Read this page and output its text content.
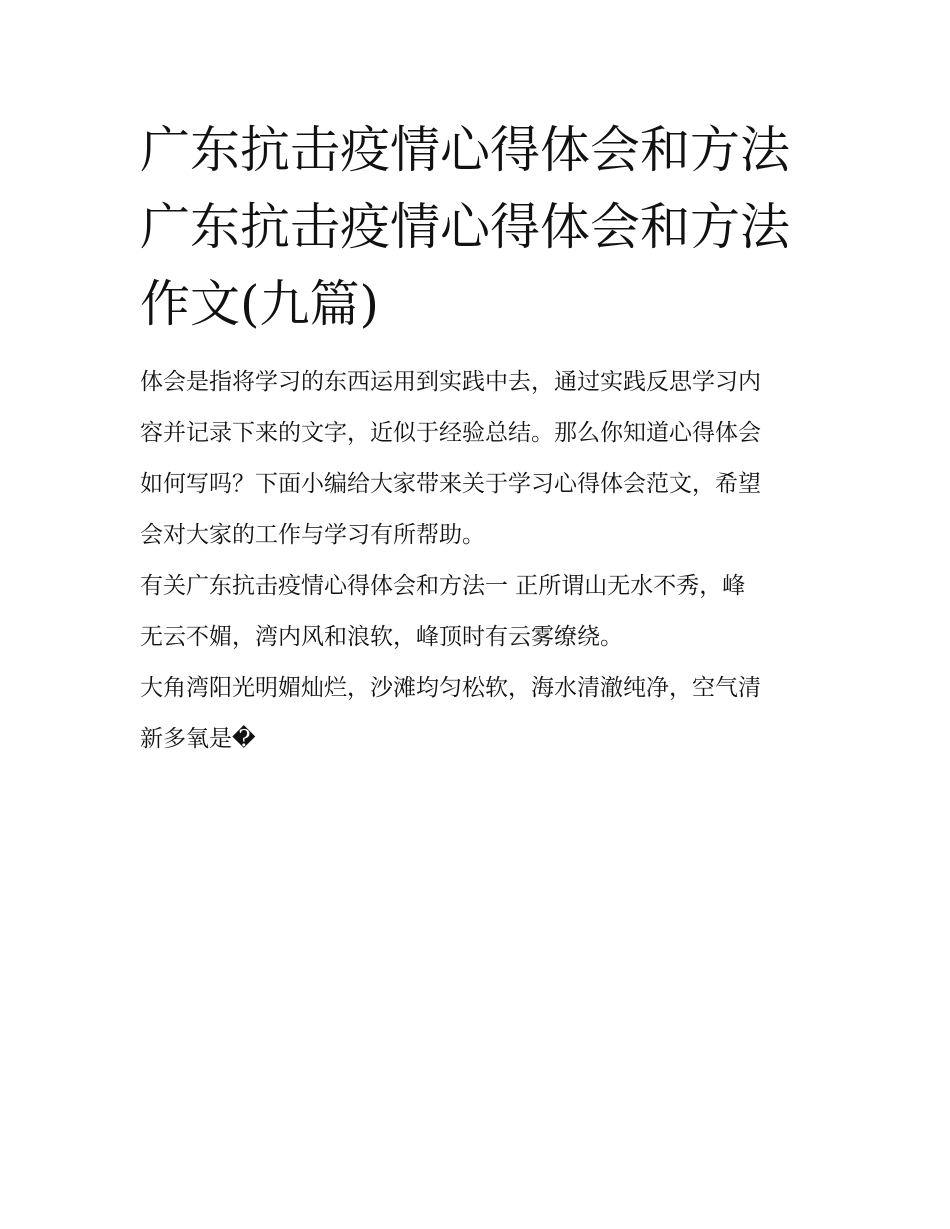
广东抗击疫情心得体会和方法
广东抗击疫情心得体会和方法
作文(九篇)

体会是指将学习的东西运用到实践中去，通过实践反思学习内
容并记录下来的文字，近似于经验总结。那么你知道心得体会
如何写吗？下面小编给大家带来关于学习心得体会范文，希望
会对大家的工作与学习有所帮助。

有关广东抗击疫情心得体会和方法一 正所谓山无水不秀，峰
无云不媚，湾内风和浪软，峰顶时有云雾缭绕。

大角湾阳光明媚灿烂，沙滩均匀松软，海水清澈纯净，空气清
新多氧是�
